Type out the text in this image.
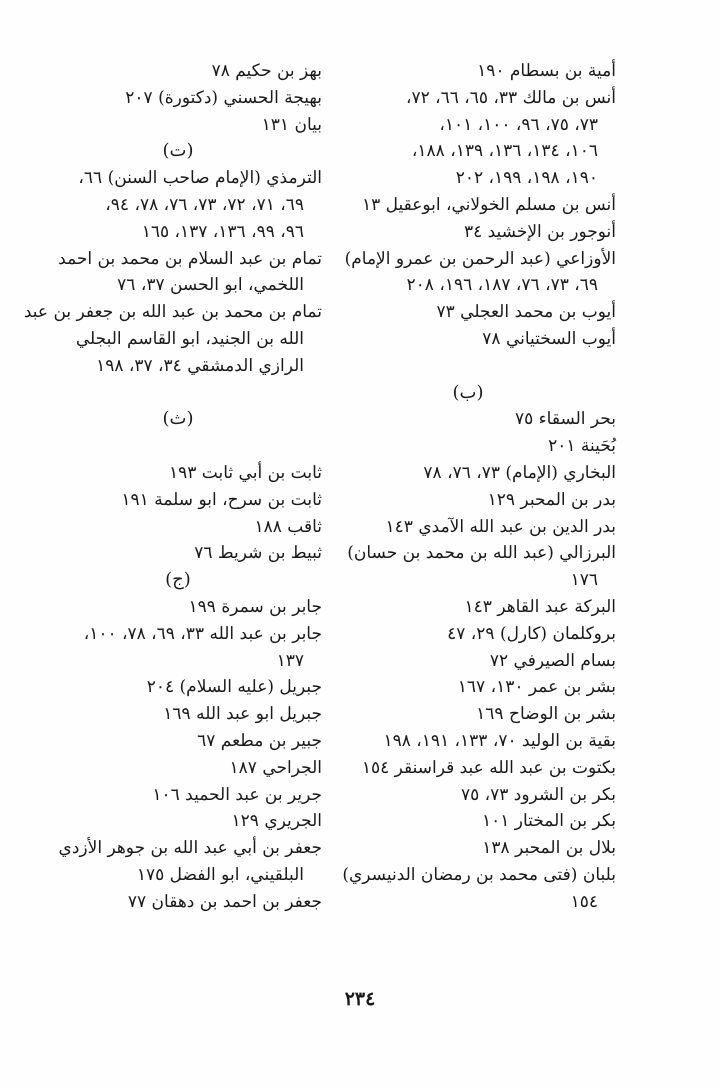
أمية بن بسطام ١٩٠
أنس بن مالك ٣٣، ٦٥، ٦٦، ٧٢،
٧٣، ٧٥، ٩٦، ١٠٠، ١٠١،
١٠٦، ١٣٤، ١٣٦، ١٣٩، ١٨٨،
١٩٠، ١٩٨، ١٩٩، ٢٠٢
أنس بن مسلم الخولاني، ابوعقيل ١٣
أنوجور بن الإخشيد ٣٤
الأوزاعي (عبد الرحمن بن عمرو الإمام)
٦٩، ٧٣، ٧٦، ١٨٧، ١٩٦، ٢٠٨
أيوب بن محمد العجلي ٧٣
أيوب السختياني ٧٨
(ب)
بحر السقاء ٧٥
بُحَينة ٢٠١
البخاري (الإمام) ٧٣، ٧٦، ٧٨
بدر بن المحبر ١٢٩
بدر الدين بن عبد الله الآمدي ١٤٣
البرزالي (عبد الله بن محمد بن حسان)
١٧٦
البركة عبد القاهر ١٤٣
بروكلمان (كارل) ٢٩، ٤٧
بسام الصيرفي ٧٢
بشر بن عمر ١٣٠، ١٦٧
بشر بن الوضاح ١٦٩
بقية بن الوليد ٧٠، ١٣٣، ١٩١، ١٩٨
بكتوت بن عبد الله عبد قراسنقر ١٥٤
بكر بن الشرود ٧٣، ٧٥
بكر بن المختار ١٠١
بلال بن المحبر ١٣٨
بلبان (فتى محمد بن رمضان الدنيسري)
١٥٤
بهز بن حكيم ٧٨
بهيجة الحسني (دكتورة) ٢٠٧
بيان ١٣١
(ت)
الترمذي (الإمام صاحب السنن) ٦٦،
٦٩، ٧١، ٧٢، ٧٣، ٧٦، ٧٨، ٩٤،
٩٦، ٩٩، ١٣٦، ١٣٧، ١٦٥
تمام بن عبد السلام بن محمد بن احمد
اللخمي، ابو الحسن ٣٧، ٧٦
تمام بن محمد بن عبد الله بن جعفر بن عبد
الله بن الجنيد، ابو القاسم البجلي
الرازي الدمشقي ٣٤، ٣٧، ١٩٨
(ث)
ثابت بن أبي ثابت ١٩٣
ثابت بن سرح، ابو سلمة ١٩١
ثاقب ١٨٨
ثبيط بن شريط ٧٦
(ج)
جابر بن سمرة ١٩٩
جابر بن عبد الله ٣٣، ٦٩، ٧٨، ١٠٠،
١٣٧
جبريل (عليه السلام) ٢٠٤
جبريل ابو عبد الله ١٦٩
جبير بن مطعم ٦٧
الجراحي ١٨٧
جرير بن عبد الحميد ١٠٦
الجريري ١٢٩
جعفر بن أبي عبد الله بن جوهر الأزدي
البلقيني، ابو الفضل ١٧٥
جعفر بن احمد بن دهقان ٧٧
٢٣٤
